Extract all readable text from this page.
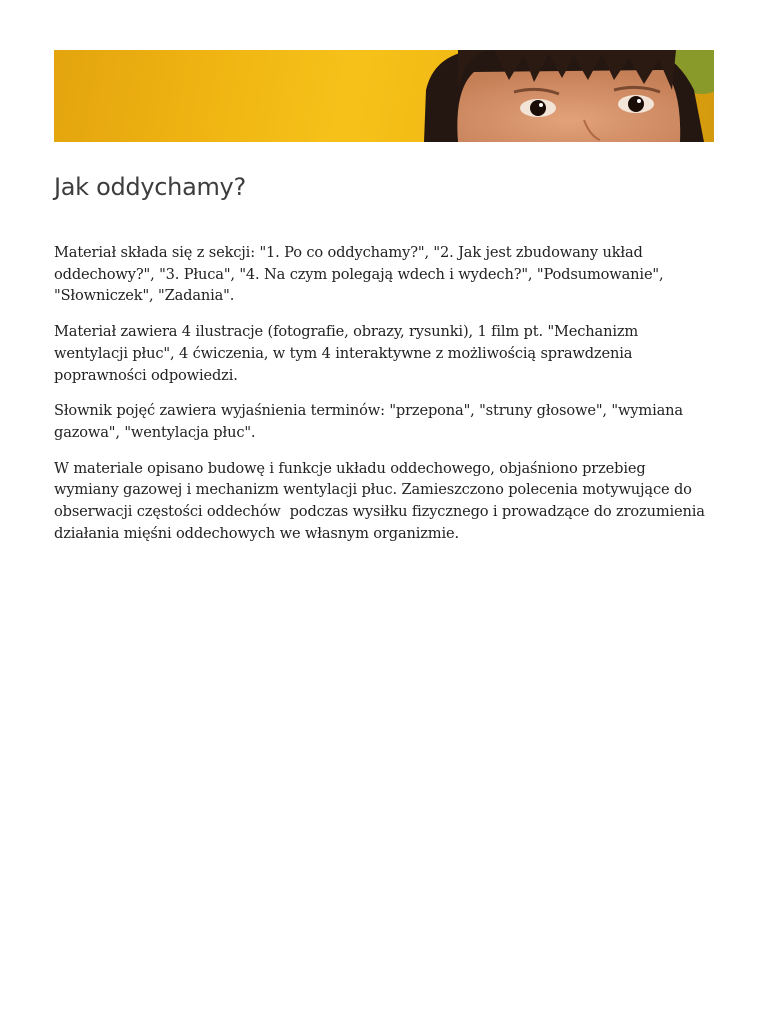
Jak oddychamy?

Materiał składa się z sekcji: "1. Po co oddychamy?", "2. Jak jest zbudowany układ oddechowy?", "3. Płuca", "4. Na czym polegają wdech i wydech?", "Podsumowanie", "Słowniczek", "Zadania".

Materiał zawiera 4 ilustracje (fotografie, obrazy, rysunki), 1 film pt. "Mechanizm wentylacji płuc", 4 ćwiczenia, w tym 4 interaktywne z możliwością sprawdzenia poprawności odpowiedzi.

Słownik pojęć zawiera wyjaśnienia terminów: "przepona", "struny głosowe", "wymiana gazowa", "wentylacja płuc".

W materiale opisano budowę i funkcje układu oddechowego, objaśniono przebieg wymiany gazowej i mechanizm wentylacji płuc. Zamieszczono polecenia motywujące do obserwacji częstości oddechów  podczas wysiłku fizycznego i prowadzące do zrozumienia  działania mięśni oddechowych we własnym organizmie.
